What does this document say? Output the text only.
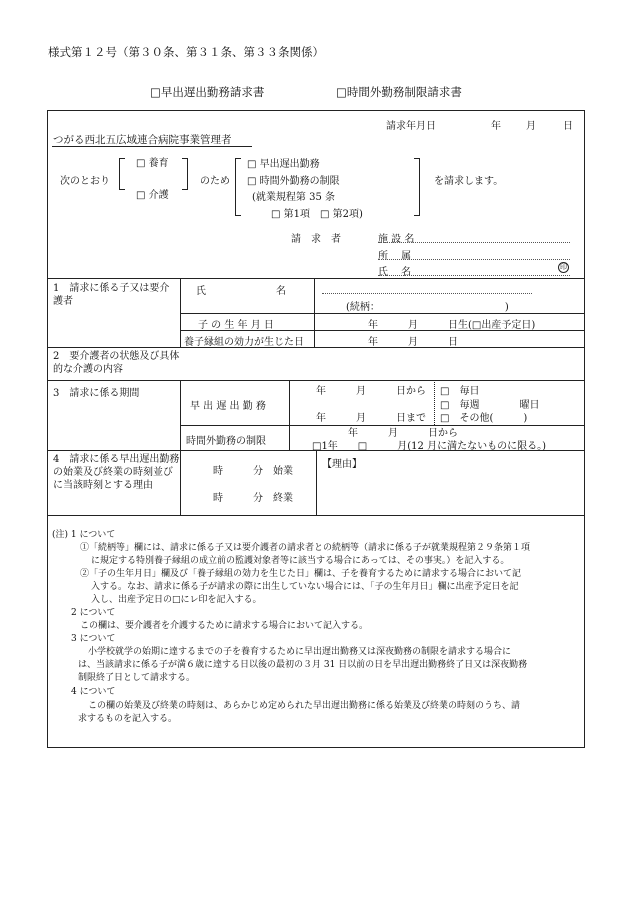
様式第１２号（第３０条、第３１条、第３３条関係）
□早出遅出勤務請求書	□時間外勤務制限請求書
請求年月日	年	月	日
つがる西北五広域連合病院事業管理者
次のとおり
□ 養育
□ 介護
のため
□ 早出遅出勤務
□ 時間外勤務の制限
(就業規程第 35 条
□ 第1項　□ 第2項)
を請求します。
請　求　者	施 設 名
所　 属
氏　 名	印
1　請求に係る子又は要介護者
氏　　　　　　　名
(続柄：　　　　　　　　　　　　　)
子 の 生 年 月 日	年　　　月　　　日生(□出産予定日)
養子縁組の効力が生じた日	年　　　月　　　日
2　要介護者の状態及び具体的な介護の内容
3　請求に係る期間
早 出 遅 出 勤 務
年　　　月　　　日から
年　　　月　　　日まで
□　毎日
□　毎週　　　　曜日
□　その他(　　　)
時間外勤務の制限
年　　　月　　　日から
□1年　　□　　　月(12 月に満たないものに限る。)
4　請求に係る早出遅出勤務の始業及び終業の時刻並びに当該時刻とする理由
時　　　分　始業
時　　　分　終業
【理由】

(注) 1 について

①「続柄等」欄には、請求に係る子又は要介護者の請求者との続柄等（請求に係る子が就業規程第２９条第１項

に規定する特別養子縁組の成立前の監護対象者等に該当する場合にあっては、その事実。）を記入する。

②「子の生年月日」欄及び「養子縁組の効力を生じた日」欄は、子を養育するために請求する場合において記

入する。なお、請求に係る子が請求の際に出生していない場合には、「子の生年月日」欄に出産予定日を記

入し、出産予定日の□にレ印を記入する。

2 について

この欄は、要介護者を介護するために請求する場合において記入する。

3 について

小学校就学の始期に達するまでの子を養育するために早出遅出勤務又は深夜勤務の制限を請求する場合に

は、当該請求に係る子が満６歳に達する日以後の最初の３月 31 日以前の日を早出遅出勤務終了日又は深夜勤務

制限終了日として請求する。

4 について

この欄の始業及び終業の時刻は、あらかじめ定められた早出遅出勤務に係る始業及び終業の時刻のうち、請

求するものを記入する。
